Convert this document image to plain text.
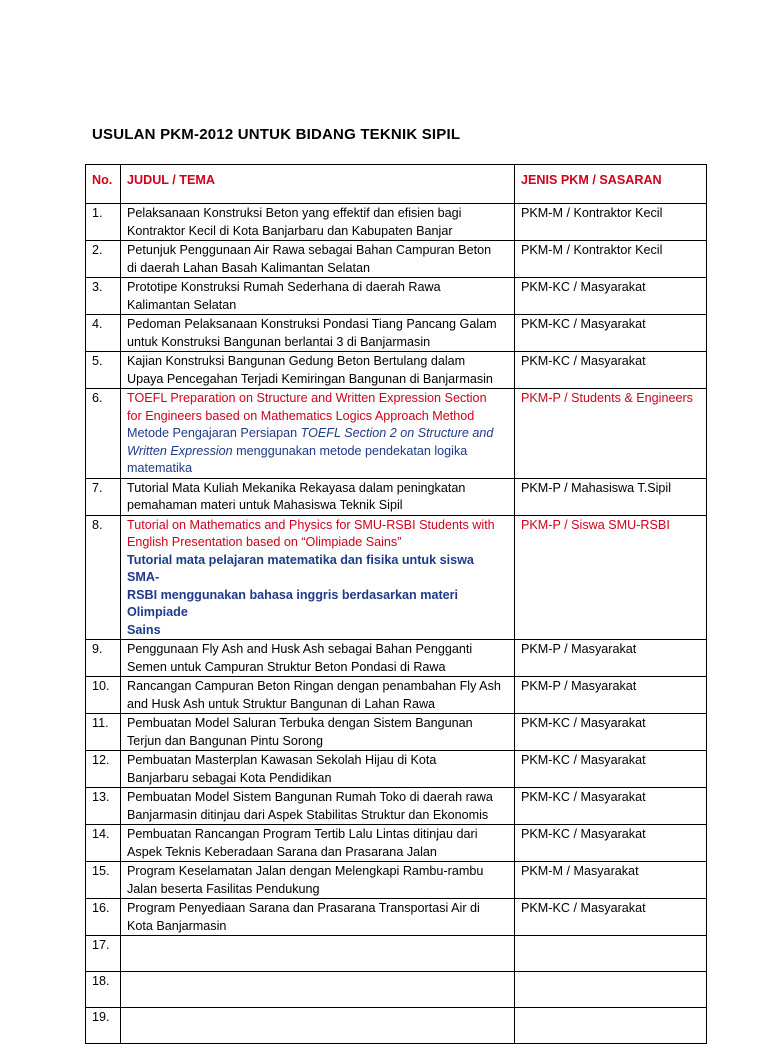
USULAN PKM-2012 UNTUK BIDANG TEKNIK SIPIL
No.	JUDUL / TEMA	JENIS PKM / SASARAN
1.	Pelaksanaan Konstruksi Beton yang effektif dan efisien bagi
Kontraktor Kecil di Kota Banjarbaru dan Kabupaten Banjar	PKM-M / Kontraktor Kecil
2.	Petunjuk Penggunaan Air Rawa sebagai Bahan Campuran Beton
di daerah Lahan Basah Kalimantan Selatan	PKM-M / Kontraktor Kecil
3.	Prototipe Konstruksi Rumah Sederhana di daerah Rawa
Kalimantan Selatan	PKM-KC / Masyarakat
4.	Pedoman Pelaksanaan Konstruksi Pondasi Tiang Pancang Galam
untuk Konstruksi Bangunan berlantai 3 di Banjarmasin	PKM-KC / Masyarakat
5.	Kajian Konstruksi Bangunan Gedung Beton Bertulang dalam
Upaya Pencegahan Terjadi Kemiringan Bangunan di Banjarmasin	PKM-KC / Masyarakat
6.	TOEFL Preparation on Structure and Written Expression Section
for Engineers based on Mathematics Logics Approach Method
Metode Pengajaran Persiapan TOEFL Section 2 on Structure and
Written Expression menggunakan metode pendekatan logika
matematika	PKM-P / Students & Engineers
7.	Tutorial Mata Kuliah Mekanika Rekayasa dalam peningkatan
pemahaman materi untuk Mahasiswa Teknik Sipil	PKM-P / Mahasiswa T.Sipil
8.	Tutorial on Mathematics and Physics for SMU-RSBI Students with
English Presentation based on “Olimpiade Sains”
Tutorial mata pelajaran matematika dan fisika untuk siswa SMA-
RSBI menggunakan bahasa inggris berdasarkan materi Olimpiade
Sains	PKM-P / Siswa SMU-RSBI
9.	Penggunaan Fly Ash and Husk Ash sebagai Bahan Pengganti
Semen untuk Campuran Struktur Beton Pondasi di Rawa	PKM-P / Masyarakat
10.	Rancangan Campuran Beton Ringan dengan penambahan Fly Ash
and Husk Ash untuk Struktur Bangunan di Lahan Rawa	PKM-P / Masyarakat
11.	Pembuatan Model Saluran Terbuka dengan Sistem Bangunan
Terjun dan Bangunan Pintu Sorong	PKM-KC / Masyarakat
12.	Pembuatan Masterplan Kawasan Sekolah Hijau di Kota
Banjarbaru sebagai Kota Pendidikan	PKM-KC / Masyarakat
13.	Pembuatan Model Sistem Bangunan Rumah Toko di daerah rawa
Banjarmasin ditinjau dari Aspek Stabilitas Struktur dan Ekonomis	PKM-KC / Masyarakat
14.	Pembuatan Rancangan Program Tertib Lalu Lintas ditinjau dari
Aspek Teknis Keberadaan Sarana dan Prasarana Jalan	PKM-KC / Masyarakat
15.	Program Keselamatan Jalan dengan Melengkapi Rambu-rambu
Jalan beserta Fasilitas Pendukung	PKM-M / Masyarakat
16.	Program Penyediaan Sarana dan Prasarana Transportasi Air di
Kota Banjarmasin	PKM-KC / Masyarakat
17.		
18.		
19.		
